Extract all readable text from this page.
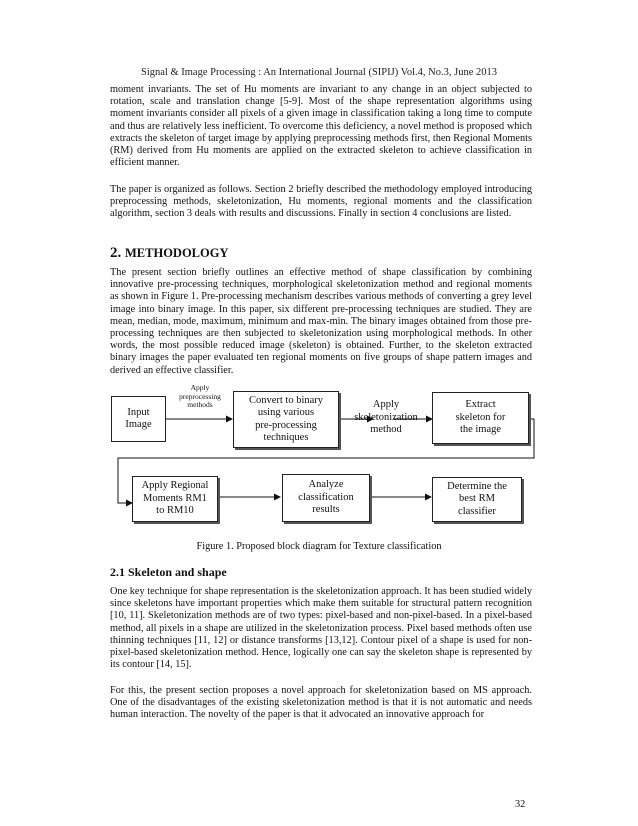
Signal & Image Processing : An International Journal (SIPIJ) Vol.4, No.3, June 2013

moment invariants. The set of Hu moments are invariant to any change in an object subjected to rotation, scale and translation change [5-9]. Most of the shape representation algorithms using moment invariants consider all pixels of a given image in classification taking a long time to compute and thus are relatively less inefficient. To overcome this deficiency, a novel method is proposed which extracts the skeleton of target image by applying preprocessing methods first, then Regional Moments (RM) derived from Hu moments are applied on the extracted skeleton to achieve classification in efficient manner.

The paper is organized as follows. Section 2 briefly described the methodology employed introducing preprocessing methods, skeletonization, Hu moments, regional moments and the classification algorithm, section 3 deals with results and discussions. Finally in section 4 conclusions are listed.

2. METHODOLOGY

The present section briefly outlines an effective method of shape classification by combining innovative pre-processing techniques, morphological skeletonization method and regional moments as shown in Figure 1. Pre-processing mechanism describes various methods of converting a grey level image into binary image. In this paper, six different pre-processing techniques are studied. They are mean, median, mode, maximum, minimum and max-min. The binary images obtained from those pre-processing techniques are then subjected to skeletonization using morphological methods. In other words, the most possible reduced image (skeleton) is obtained. Further, to the skeleton extracted binary images the paper evaluated ten regional moments on five groups of shape pattern images and derived an effective classifier.

Apply
preprocessing
methods
Input
Image
Convert to binary
using various
pre-processing
techniques
Apply
skeletonization
method
Extract
skeleton for
the image
Apply Regional
Moments RM1
to RM10
Analyze
classification
results
Determine the
best RM
classifier
Figure 1. Proposed block diagram for Texture classification
2.1 Skeleton and shape

One key technique for shape representation is the skeletonization approach. It has been studied widely since skeletons have important properties which make them suitable for structural pattern recognition [10, 11]. Skeletonization methods are of two types: pixel-based and non-pixel-based. In a pixel-based method, all pixels in a shape are utilized in the skeletonization process. Pixel based methods often use thinning techniques [11, 12] or distance transforms [13,12]. Contour pixel of a shape is used for non-pixel-based skeletonization method. Hence, logically one can say the skeleton shape is represented by its contour [14, 15].

For this, the present section proposes a novel approach for skeletonization based on MS approach. One of the disadvantages of the existing skeletonization method is that it is not automatic and needs human interaction. The novelty of the paper is that it advocated an innovative approach for

32
